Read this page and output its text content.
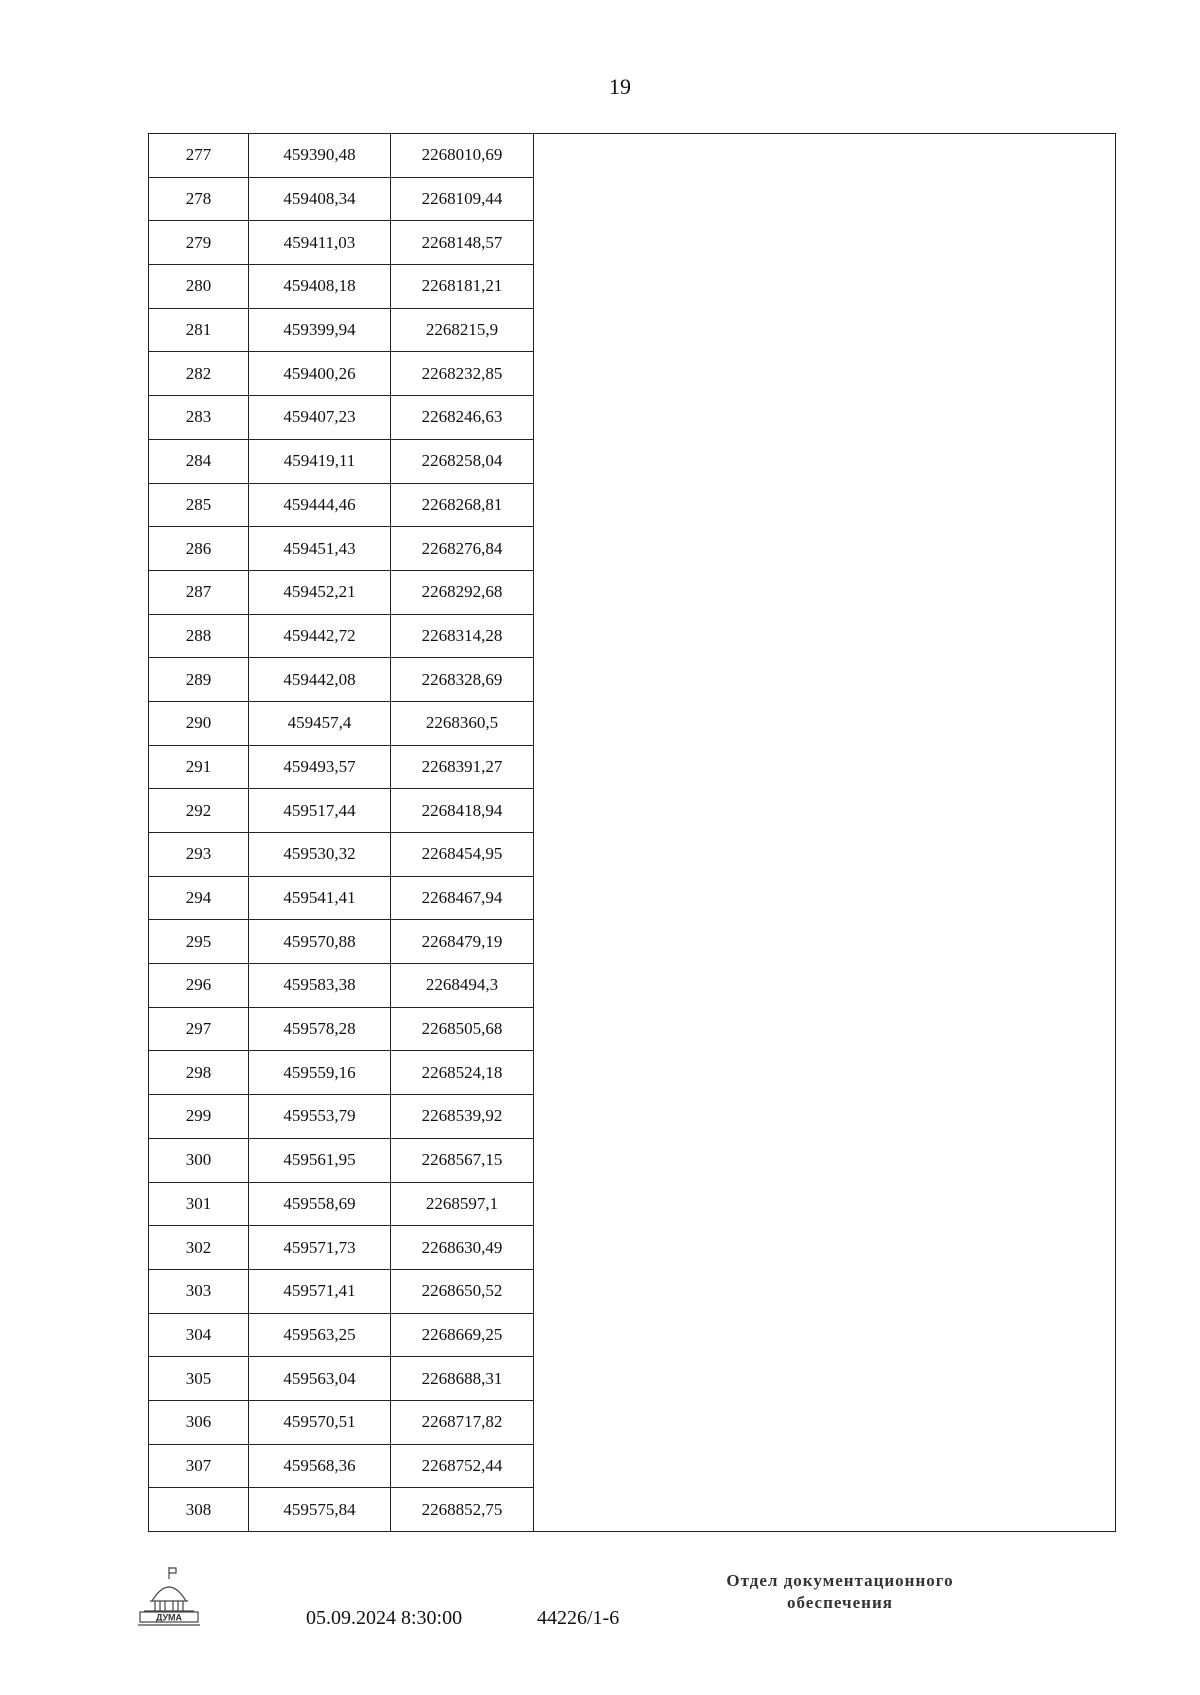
19
277	459390,48	2268010,69	
278	459408,34	2268109,44	
279	459411,03	2268148,57	
280	459408,18	2268181,21	
281	459399,94	2268215,9	
282	459400,26	2268232,85	
283	459407,23	2268246,63	
284	459419,11	2268258,04	
285	459444,46	2268268,81	
286	459451,43	2268276,84	
287	459452,21	2268292,68	
288	459442,72	2268314,28	
289	459442,08	2268328,69	
290	459457,4	2268360,5	
291	459493,57	2268391,27	
292	459517,44	2268418,94	
293	459530,32	2268454,95	
294	459541,41	2268467,94	
295	459570,88	2268479,19	
296	459583,38	2268494,3	
297	459578,28	2268505,68	
298	459559,16	2268524,18	
299	459553,79	2268539,92	
300	459561,95	2268567,15	
301	459558,69	2268597,1	
302	459571,73	2268630,49	
303	459571,41	2268650,52	
304	459563,25	2268669,25	
305	459563,04	2268688,31	
306	459570,51	2268717,82	
307	459568,36	2268752,44	
308	459575,84	2268852,75	
ДУМА	05.09.2024 8:30:00	44226/1-6
Отдел документационного
обеспечения
